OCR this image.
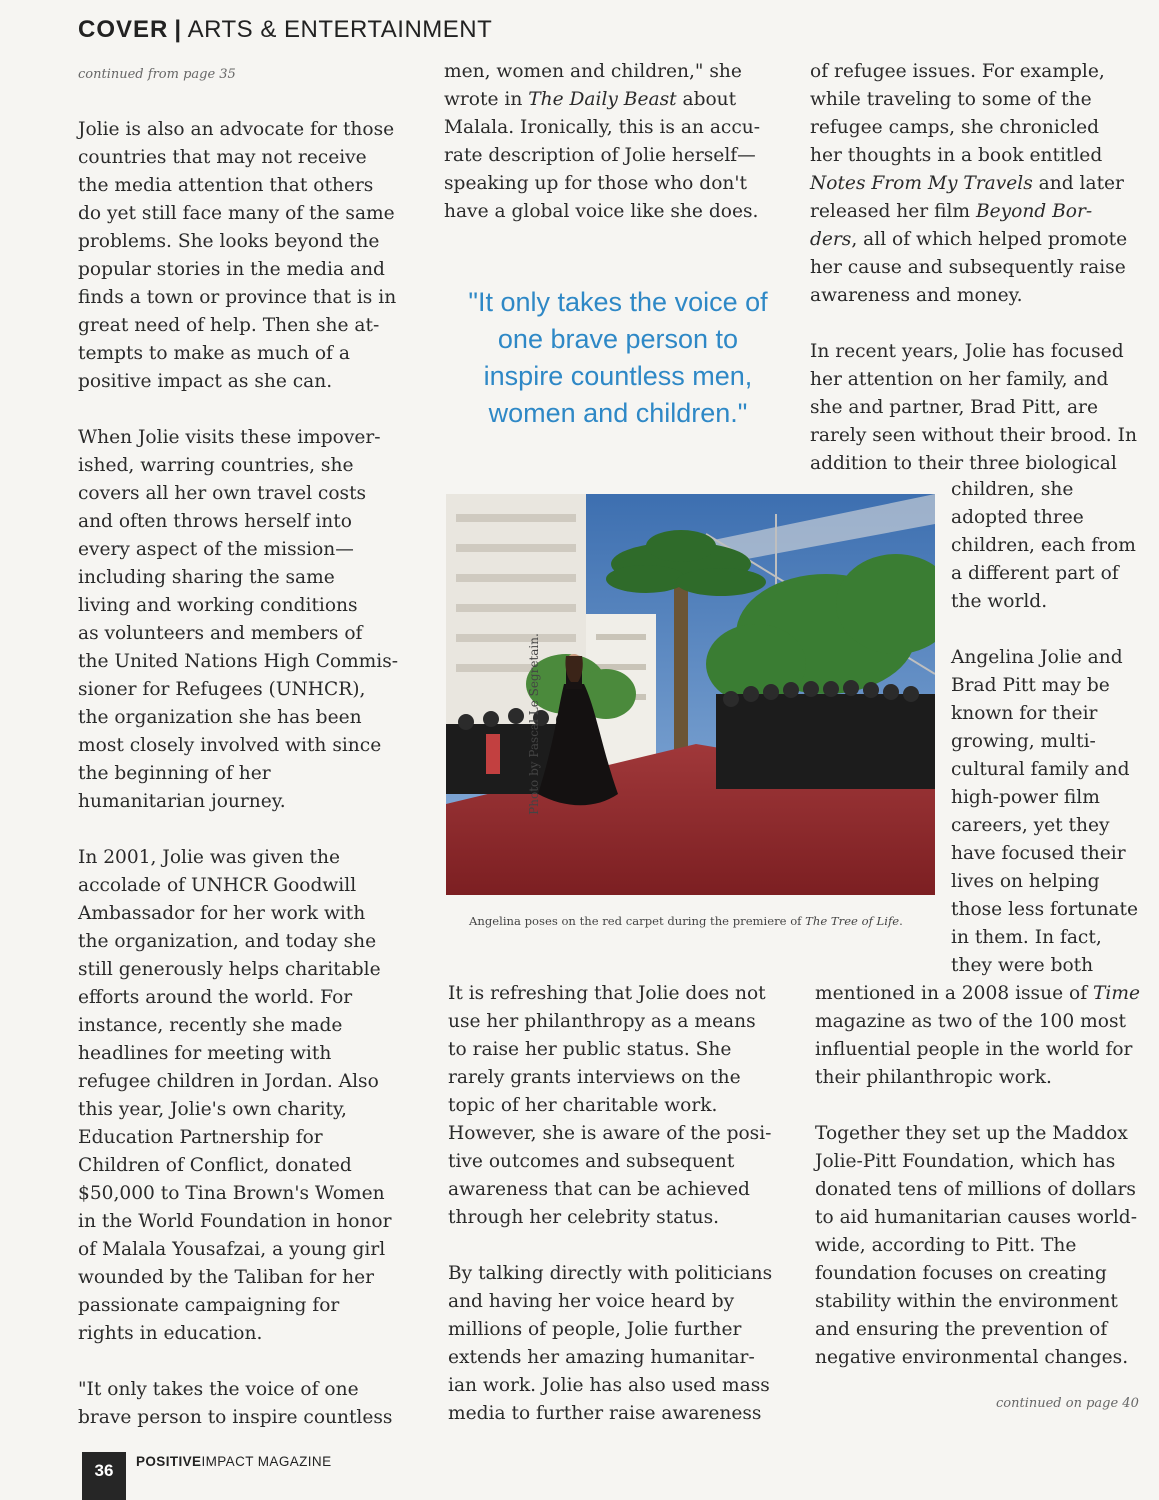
COVER | ARTS & ENTERTAINMENT
continued from page 35

Jolie is also an advocate for those
countries that may not receive
the media attention that others
do yet still face many of the same
problems. She looks beyond the
popular stories in the media and
finds a town or province that is in
great need of help. Then she at-
tempts to make as much of a
positive impact as she can.

When Jolie visits these impover-
ished, warring countries, she
covers all her own travel costs
and often throws herself into
every aspect of the mission—
including sharing the same
living and working conditions
as volunteers and members of
the United Nations High Commis-
sioner for Refugees (UNHCR),
the organization she has been
most closely involved with since
the beginning of her
humanitarian journey.

In 2001, Jolie was given the
accolade of UNHCR Goodwill
Ambassador for her work with
the organization, and today she
still generously helps charitable
efforts around the world. For
instance, recently she made
headlines for meeting with
refugee children in Jordan. Also
this year, Jolie's own charity,
Education Partnership for
Children of Conflict, donated
$50,000 to Tina Brown's Women
in the World Foundation in honor
of Malala Yousafzai, a young girl
wounded by the Taliban for her
passionate campaigning for
rights in education.

"It only takes the voice of one
brave person to inspire countless

men, women and children," she
wrote in The Daily Beast about
Malala. Ironically, this is an accu-
rate description of Jolie herself—
speaking up for those who don't
have a global voice like she does.

"It only takes the voice of one brave person to inspire countless men, women and children."
Photo by Pascal Le Segretain.
Angelina poses on the red carpet during the premiere of The Tree of Life.

It is refreshing that Jolie does not
use her philanthropy as a means
to raise her public status. She
rarely grants interviews on the
topic of her charitable work.
However, she is aware of the posi-
tive outcomes and subsequent
awareness that can be achieved
through her celebrity status.

By talking directly with politicians
and having her voice heard by
millions of people, Jolie further
extends her amazing humanitar-
ian work. Jolie has also used mass
media to further raise awareness

of refugee issues. For example,
while traveling to some of the
refugee camps, she chronicled
her thoughts in a book entitled
Notes From My Travels and later
released her film Beyond Bor-
ders, all of which helped promote
her cause and subsequently raise
awareness and money.

In recent years, Jolie has focused
her attention on her family, and
she and partner, Brad Pitt, are
rarely seen without their brood. In
addition to their three biological

children, she
adopted three
children, each from
a different part of
the world.

Angelina Jolie and
Brad Pitt may be
known for their
growing, multi-
cultural family and
high-power film
careers, yet they
have focused their
lives on helping
those less fortunate
in them. In fact,
they were both

mentioned in a 2008 issue of Time
magazine as two of the 100 most
influential people in the world for
their philanthropic work.

Together they set up the Maddox
Jolie-Pitt Foundation, which has
donated tens of millions of dollars
to aid humanitarian causes world-
wide, according to Pitt. The
foundation focuses on creating
stability within the environment
and ensuring the prevention of
negative environmental changes.

continued on page 40
36	POSITIVEIMPACT MAGAZINE
